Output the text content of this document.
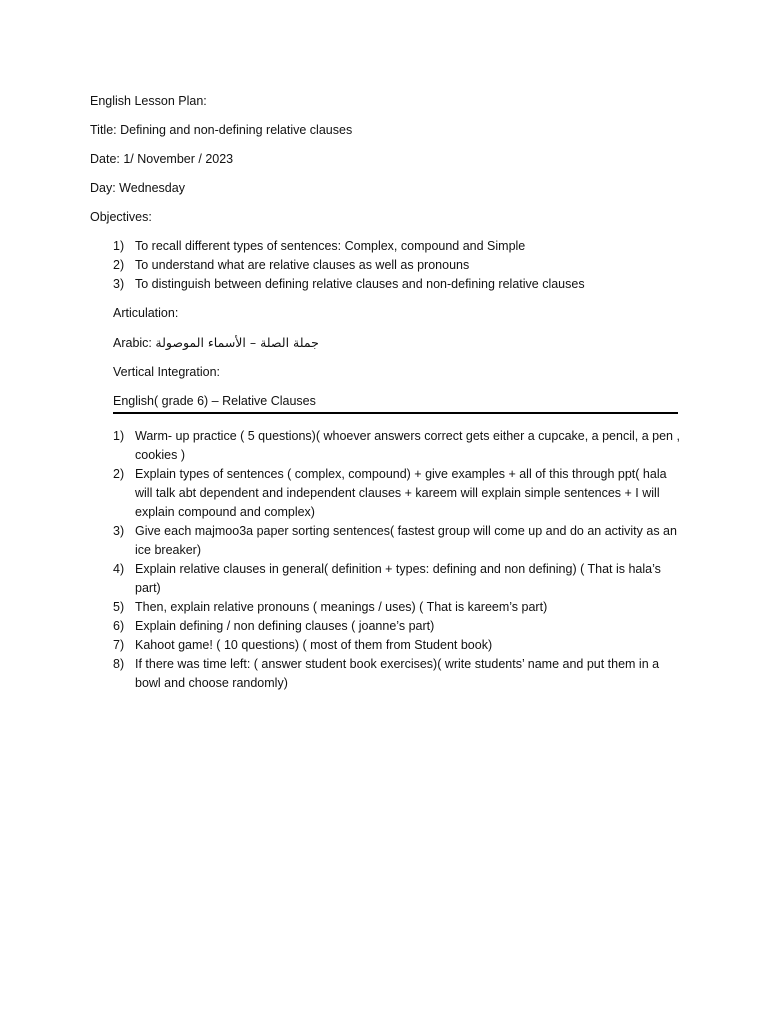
English Lesson Plan:

Title: Defining and non-defining relative clauses

Date: 1/ November / 2023

Day: Wednesday

Objectives:

1) To recall different types of sentences: Complex, compound and Simple
2) To understand what are relative clauses as well as pronouns
3) To distinguish between defining relative clauses and non-defining relative clauses

Articulation:

Arabic: جملة الصلة – الأسماء الموصولة

Vertical Integration:

English( grade 6) – Relative Clauses
1) Warm- up practice ( 5 questions)( whoever answers correct gets either a cupcake, a pencil, a pen , cookies )
2) Explain types of sentences ( complex, compound) + give examples + all of this through ppt( hala will talk abt dependent and independent clauses + kareem will explain simple sentences + I will explain compound and complex)
3) Give each majmoo3a paper sorting sentences( fastest group will come up and do an activity as an ice breaker)
4) Explain relative clauses in general( definition + types: defining and non defining) ( That is hala’s part)
5) Then, explain relative pronouns ( meanings / uses) ( That is kareem’s part)
6) Explain defining / non defining clauses ( joanne’s part)
7) Kahoot game! ( 10 questions) ( most of them from Student book)
8) If there was time left: ( answer student book exercises)( write students’ name and put them in a bowl and choose randomly)
